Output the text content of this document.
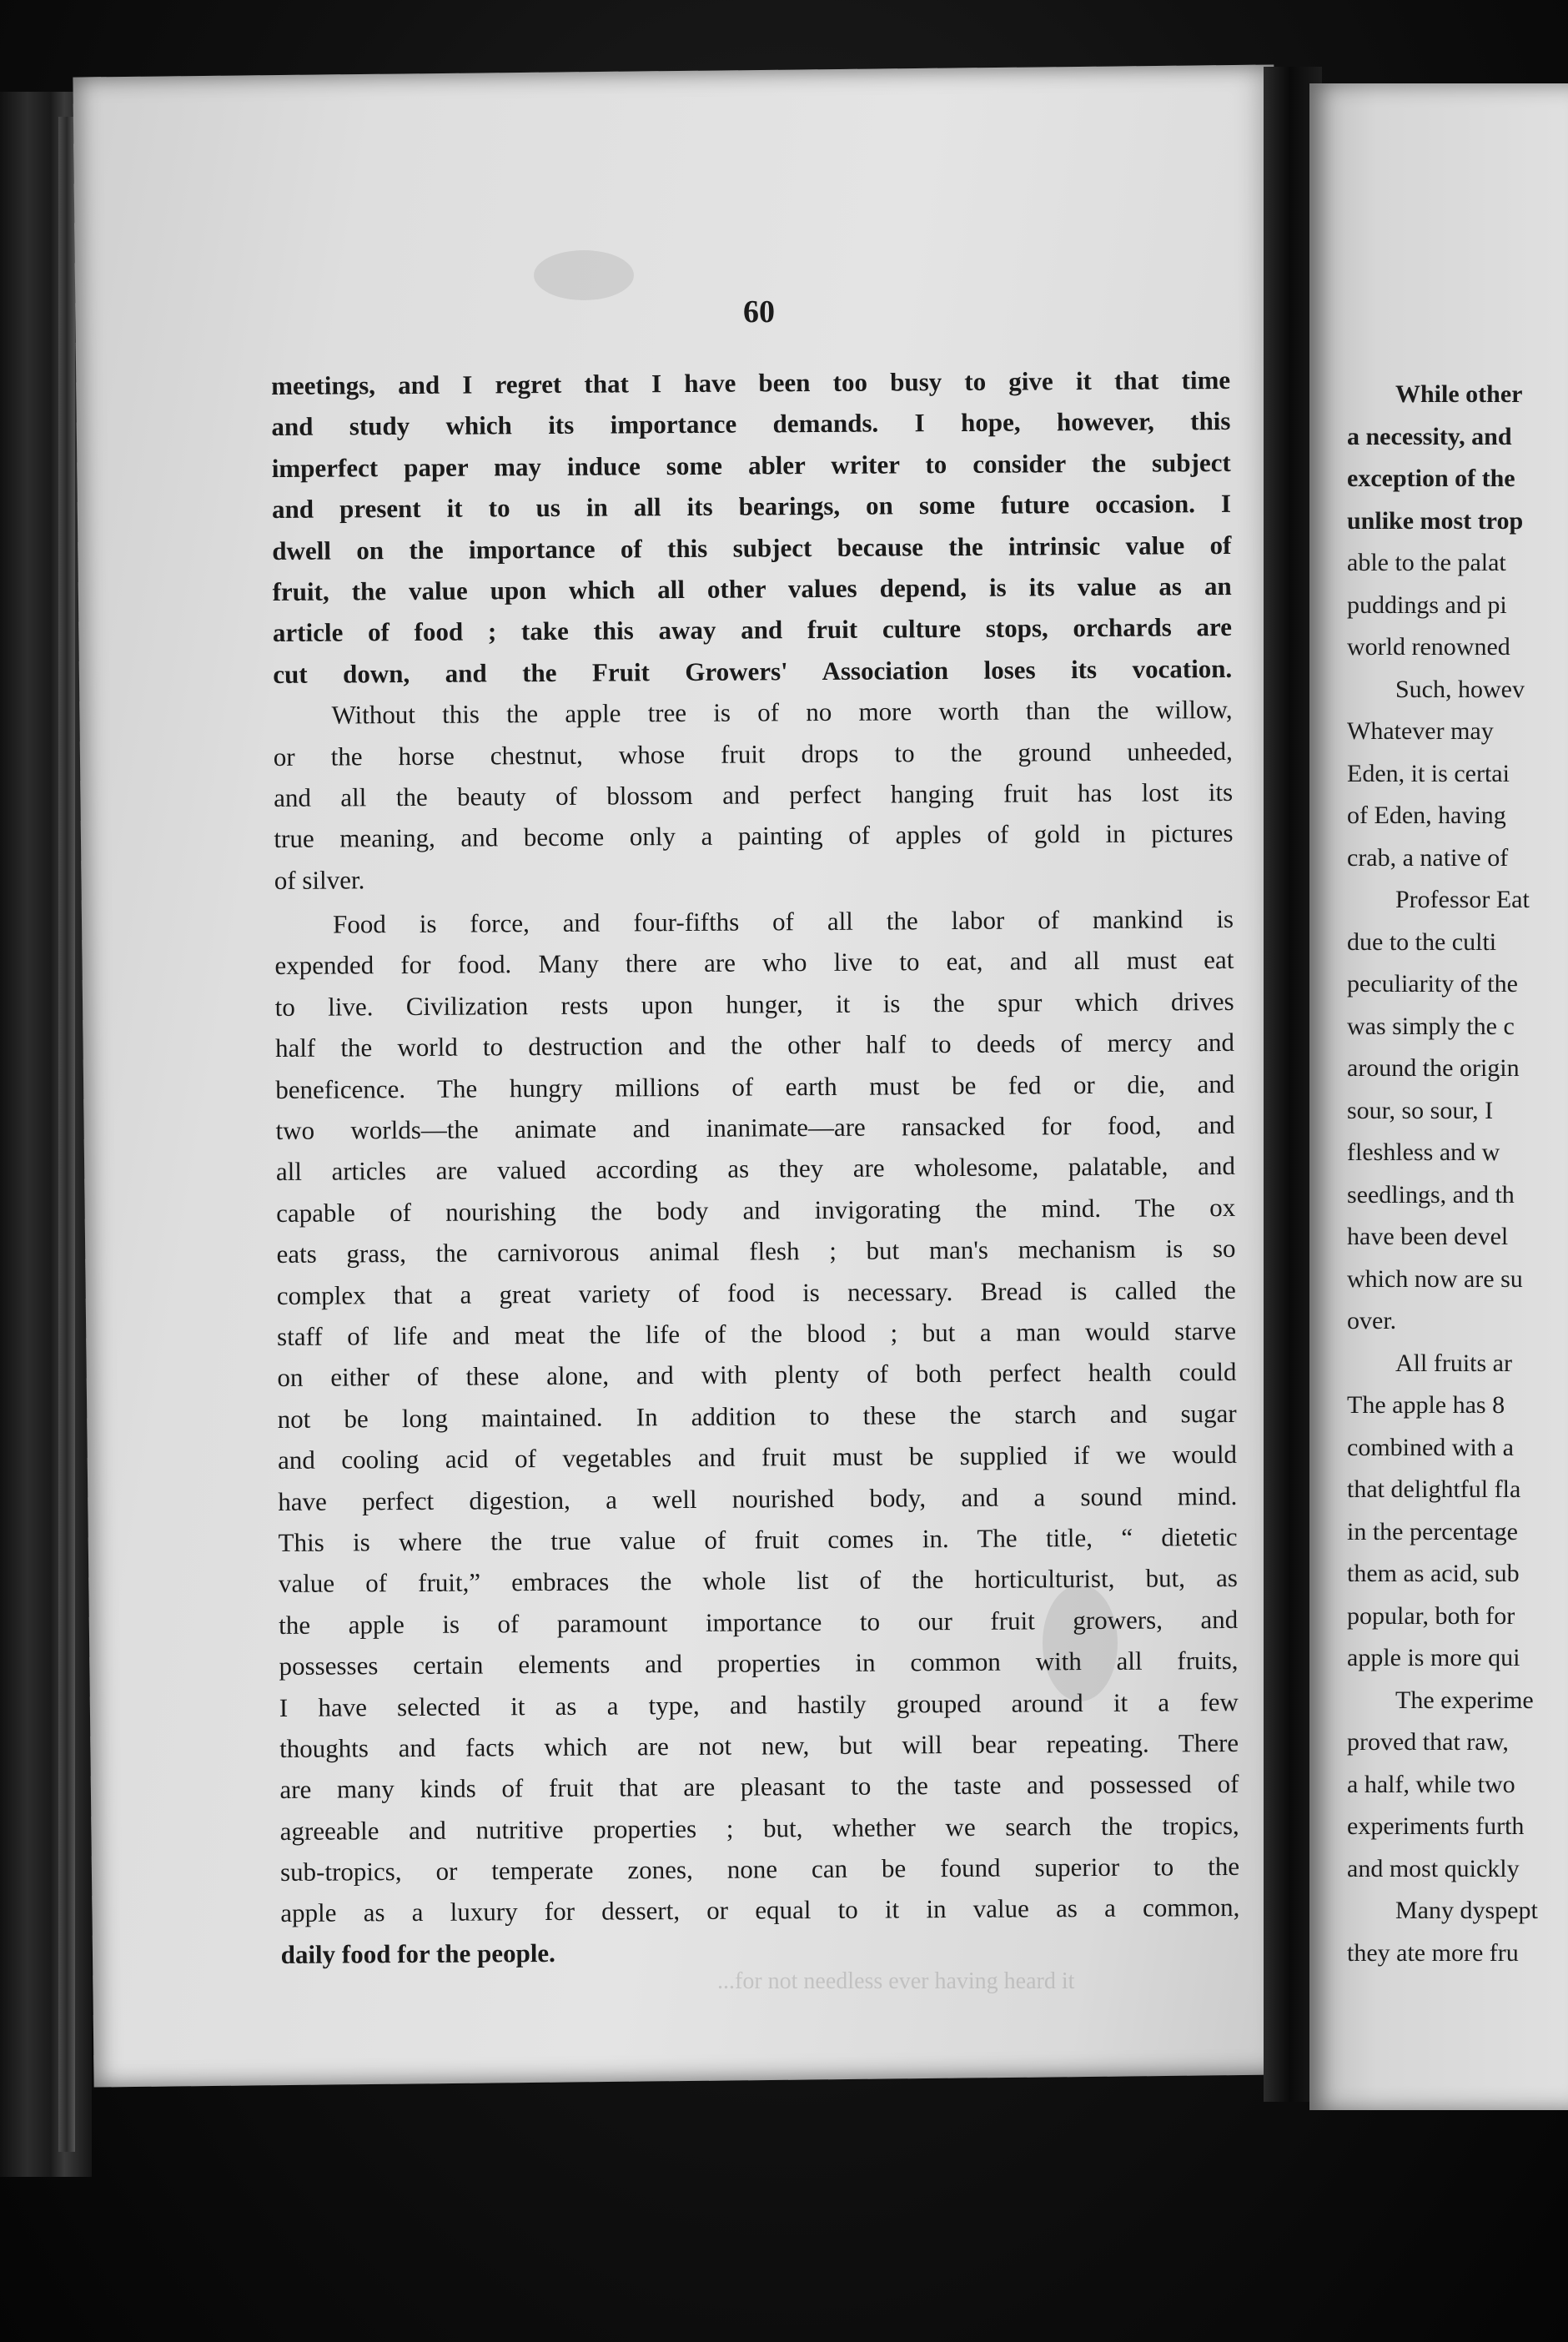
60
meetings, and I regret that I have been too busy to give it that time
and study which its importance demands. I hope, however, this
imperfect paper may induce some abler writer to consider the subject
and present it to us in all its bearings, on some future occasion. I
dwell on the importance of this subject because the intrinsic value of
fruit, the value upon which all other values depend, is its value as an
article of food ; take this away and fruit culture stops, orchards are
cut down, and the Fruit Growers' Association loses its vocation.
Without this the apple tree is of no more worth than the willow,
or the horse chestnut, whose fruit drops to the ground unheeded,
and all the beauty of blossom and perfect hanging fruit has lost its
true meaning, and become only a painting of apples of gold in pictures
of silver.
Food is force, and four-fifths of all the labor of mankind is
expended for food. Many there are who live to eat, and all must eat
to live. Civilization rests upon hunger, it is the spur which drives
half the world to destruction and the other half to deeds of mercy and
beneficence. The hungry millions of earth must be fed or die, and
two worlds—the animate and inanimate—are ransacked for food, and
all articles are valued according as they are wholesome, palatable, and
capable of nourishing the body and invigorating the mind. The ox
eats grass, the carnivorous animal flesh ; but man's mechanism is so
complex that a great variety of food is necessary. Bread is called the
staff of life and meat the life of the blood ; but a man would starve
on either of these alone, and with plenty of both perfect health could
not be long maintained. In addition to these the starch and sugar
and cooling acid of vegetables and fruit must be supplied if we would
have perfect digestion, a well nourished body, and a sound mind.
This is where the true value of fruit comes in. The title, “ dietetic
value of fruit,” embraces the whole list of the horticulturist, but, as
the apple is of paramount importance to our fruit growers, and
possesses certain elements and properties in common with all fruits,
I have selected it as a type, and hastily grouped around it a few
thoughts and facts which are not new, but will bear repeating. There
are many kinds of fruit that are pleasant to the taste and possessed of
agreeable and nutritive properties ; but, whether we search the tropics,
sub-tropics, or temperate zones, none can be found superior to the
apple as a luxury for dessert, or equal to it in value as a common,
daily food for the people.
...for not needless ever having heard it
While other
a necessity, and
exception of the
unlike most trop
able to the palat
puddings and pi
world renowned
Such, howev
Whatever may
Eden, it is certai
of Eden, having
crab, a native of
Professor Eat
due to the culti
peculiarity of the
was simply the c
around the origin
sour, so sour, I
fleshless and w
seedlings, and th
have been devel
which now are su
over.
All fruits ar
The apple has 8
combined with a
that delightful fla
in the percentage
them as acid, sub
popular, both for
apple is more qui
The experime
proved that raw,
a half, while two
experiments furth
and most quickly
Many dyspept
they ate more fru
